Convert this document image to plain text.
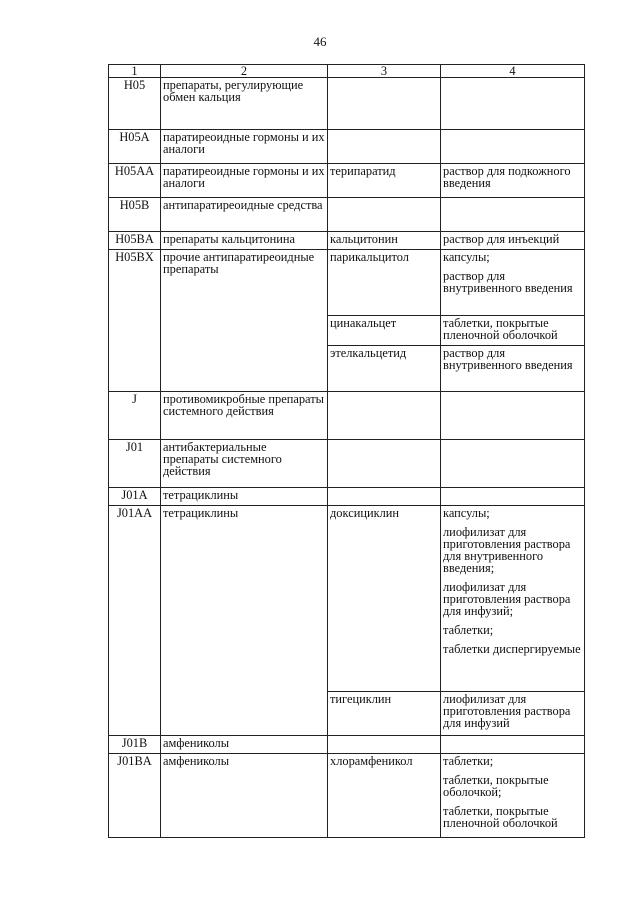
46
1	2	3	4
H05	препараты, регулирующие обмен кальция		
H05A	паратиреоидные гормоны и их аналоги		
H05AA	паратиреоидные гормоны и их аналоги	терипаратид	раствор для подкожного введения

H05B	антипаратиреоидные средства		
H05BA	препараты кальцитонина	кальцитонин	раствор для инъекций

H05BX	прочие антипаратиреоидные препараты	парикальцитол	капсулы;
раствор для внутривенного введения

		цинакальцет	таблетки, покрытые пленочной оболочкой

		этелкальцетид	раствор для внутривенного введения

J	противомикробные препараты системного действия		
J01	антибактериальные препараты системного действия		
J01A	тетрациклины		
J01AA	тетрациклины	доксициклин	капсулы;
лиофилизат для приготовления раствора для внутривенного введения;
лиофилизат для приготовления раствора для инфузий;
таблетки;
таблетки диспергируемые

		тигециклин	лиофилизат для приготовления раствора для инфузий

J01B	амфениколы		
J01BA	амфениколы	хлорамфеникол	таблетки;
таблетки, покрытые оболочкой;
таблетки, покрытые пленочной оболочкой
